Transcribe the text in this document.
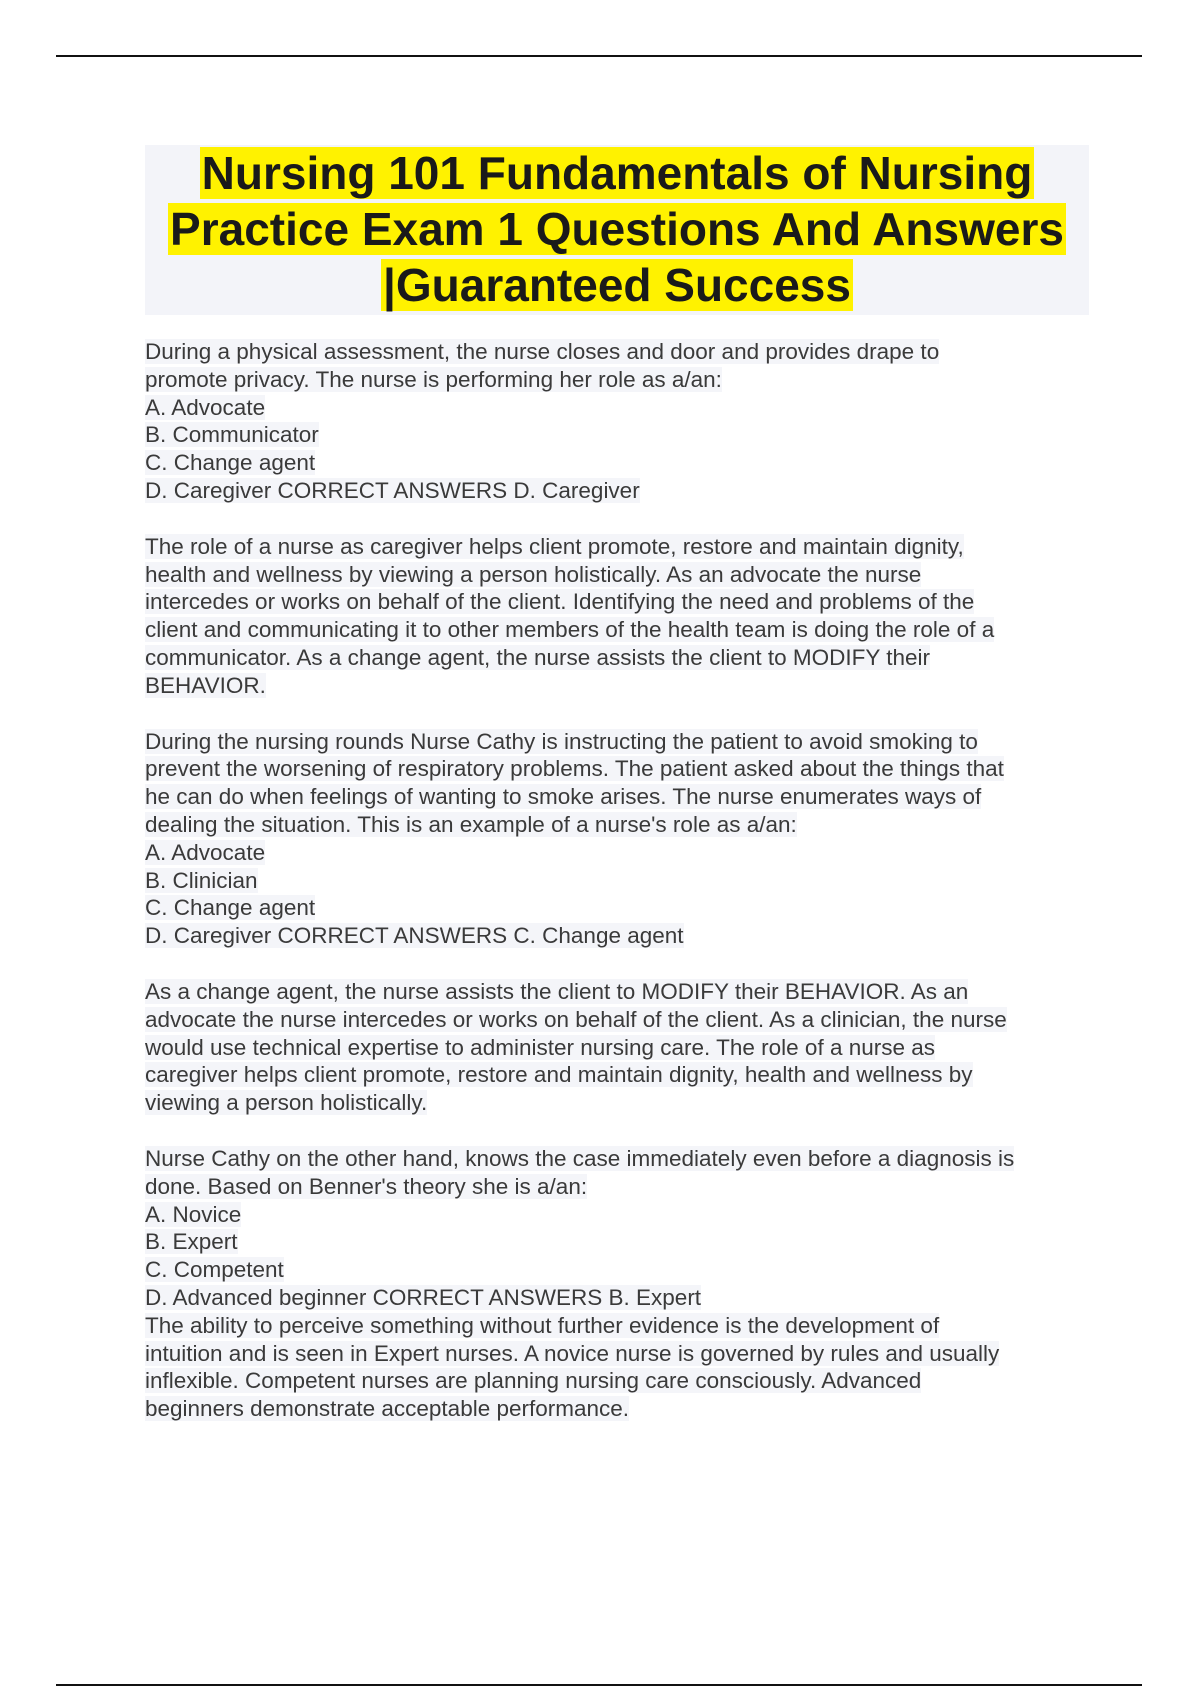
Nursing 101 Fundamentals of Nursing
Practice Exam 1 Questions And Answers
|Guaranteed Success
During a physical assessment, the nurse closes and door and provides drape to
promote privacy. The nurse is performing her role as a/an:
A. Advocate
B. Communicator
C. Change agent
D. Caregiver CORRECT ANSWERS D. Caregiver
The role of a nurse as caregiver helps client promote, restore and maintain dignity,
health and wellness by viewing a person holistically. As an advocate the nurse
intercedes or works on behalf of the client. Identifying the need and problems of the
client and communicating it to other members of the health team is doing the role of a
communicator. As a change agent, the nurse assists the client to MODIFY their
BEHAVIOR.
During the nursing rounds Nurse Cathy is instructing the patient to avoid smoking to
prevent the worsening of respiratory problems. The patient asked about the things that
he can do when feelings of wanting to smoke arises. The nurse enumerates ways of
dealing the situation. This is an example of a nurse's role as a/an:
A. Advocate
B. Clinician
C. Change agent
D. Caregiver CORRECT ANSWERS C. Change agent
As a change agent, the nurse assists the client to MODIFY their BEHAVIOR. As an
advocate the nurse intercedes or works on behalf of the client. As a clinician, the nurse
would use technical expertise to administer nursing care. The role of a nurse as
caregiver helps client promote, restore and maintain dignity, health and wellness by
viewing a person holistically.
Nurse Cathy on the other hand, knows the case immediately even before a diagnosis is
done. Based on Benner's theory she is a/an:
A. Novice
B. Expert
C. Competent
D. Advanced beginner CORRECT ANSWERS B. Expert
The ability to perceive something without further evidence is the development of
intuition and is seen in Expert nurses. A novice nurse is governed by rules and usually
inflexible. Competent nurses are planning nursing care consciously. Advanced
beginners demonstrate acceptable performance.
